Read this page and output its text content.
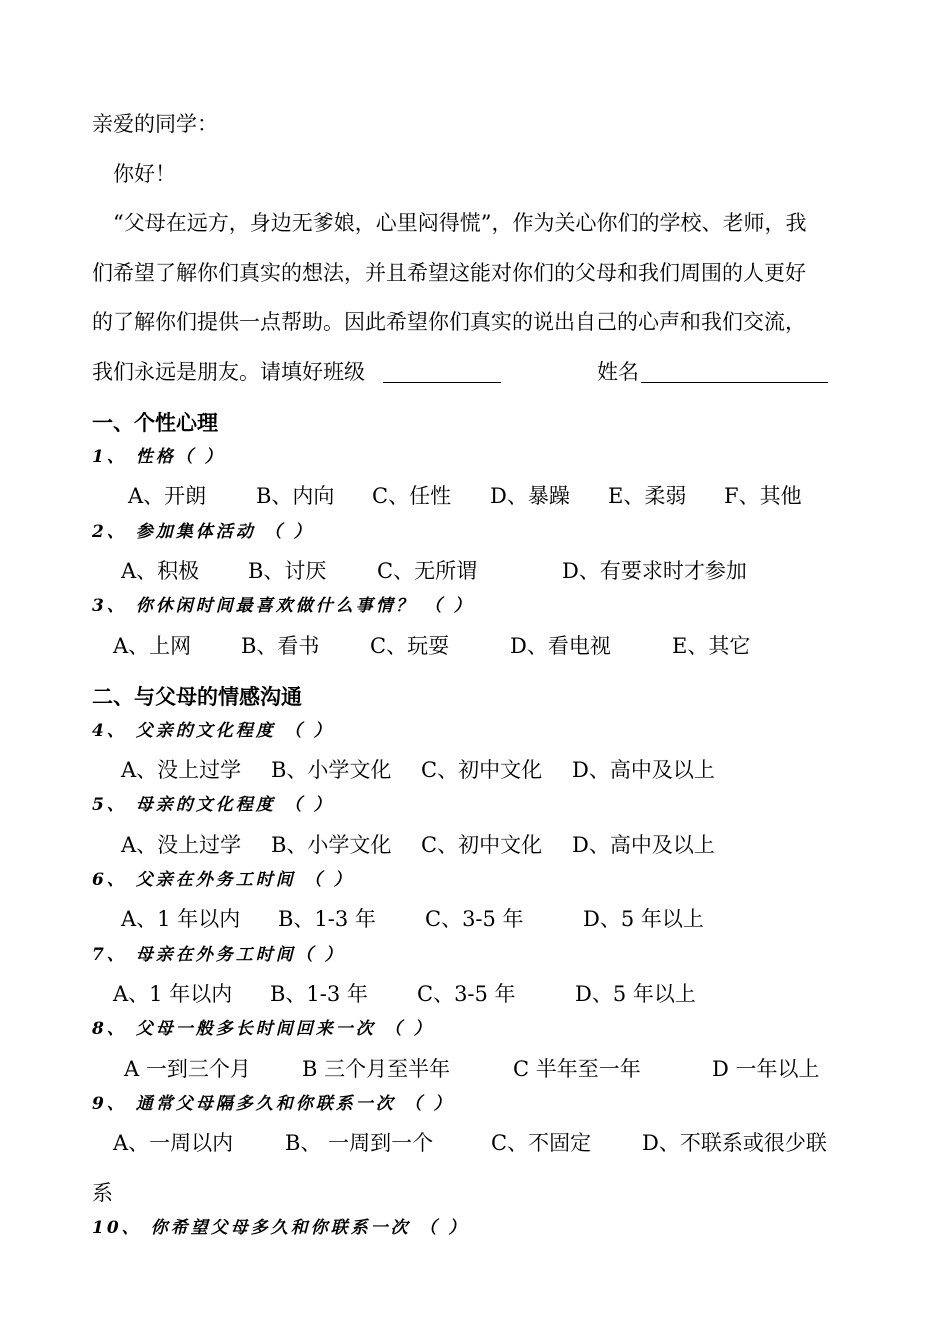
亲爱的同学：
你好！
“父母在远方，身边无爹娘，心里闷得慌”，作为关心你们的学校、老师，我
们希望了解你们真实的想法，并且希望这能对你们的父母和我们周围的人更好
的了解你们提供一点帮助。因此希望你们真实的说出自己的心声和我们交流，
我们永远是朋友。请填好班级	姓名
一、个性心理
1、 性格（ ）
A、开朗 B、内向 C、任性 D、暴躁 E、柔弱 F、其他
2、 参加集体活动 （ ）
A、积极 B、讨厌 C、无所谓	D、有要求时才参加
3、 你休闲时间最喜欢做什么事情？ （ ）
A、上网 B、看书 C、玩耍	D、看电视	E、其它
二、与父母的情感沟通
4、 父亲的文化程度 （ ）
A、没上过学 B、小学文化 C、初中文化 D、高中及以上
5、 母亲的文化程度 （ ）
A、没上过学 B、小学文化 C、初中文化 D、高中及以上
6、 父亲在外务工时间 （ ）
A、1 年以内 B、1-3 年 C、3-5 年	D、5 年以上
7、 母亲在外务工时间（ ）
A、1 年以内 B、1-3 年 C、3-5 年	D、5 年以上
8、 父母一般多长时间回来一次 （ ）
A 一到三个月 B 三个月至半年	C 半年至一年	D 一年以上
9、 通常父母隔多久和你联系一次 （ ）
A、一周以内 B、 一周到一个	C、不固定 D、不联系或很少联
系
10、 你希望父母多久和你联系一次 （ ）
